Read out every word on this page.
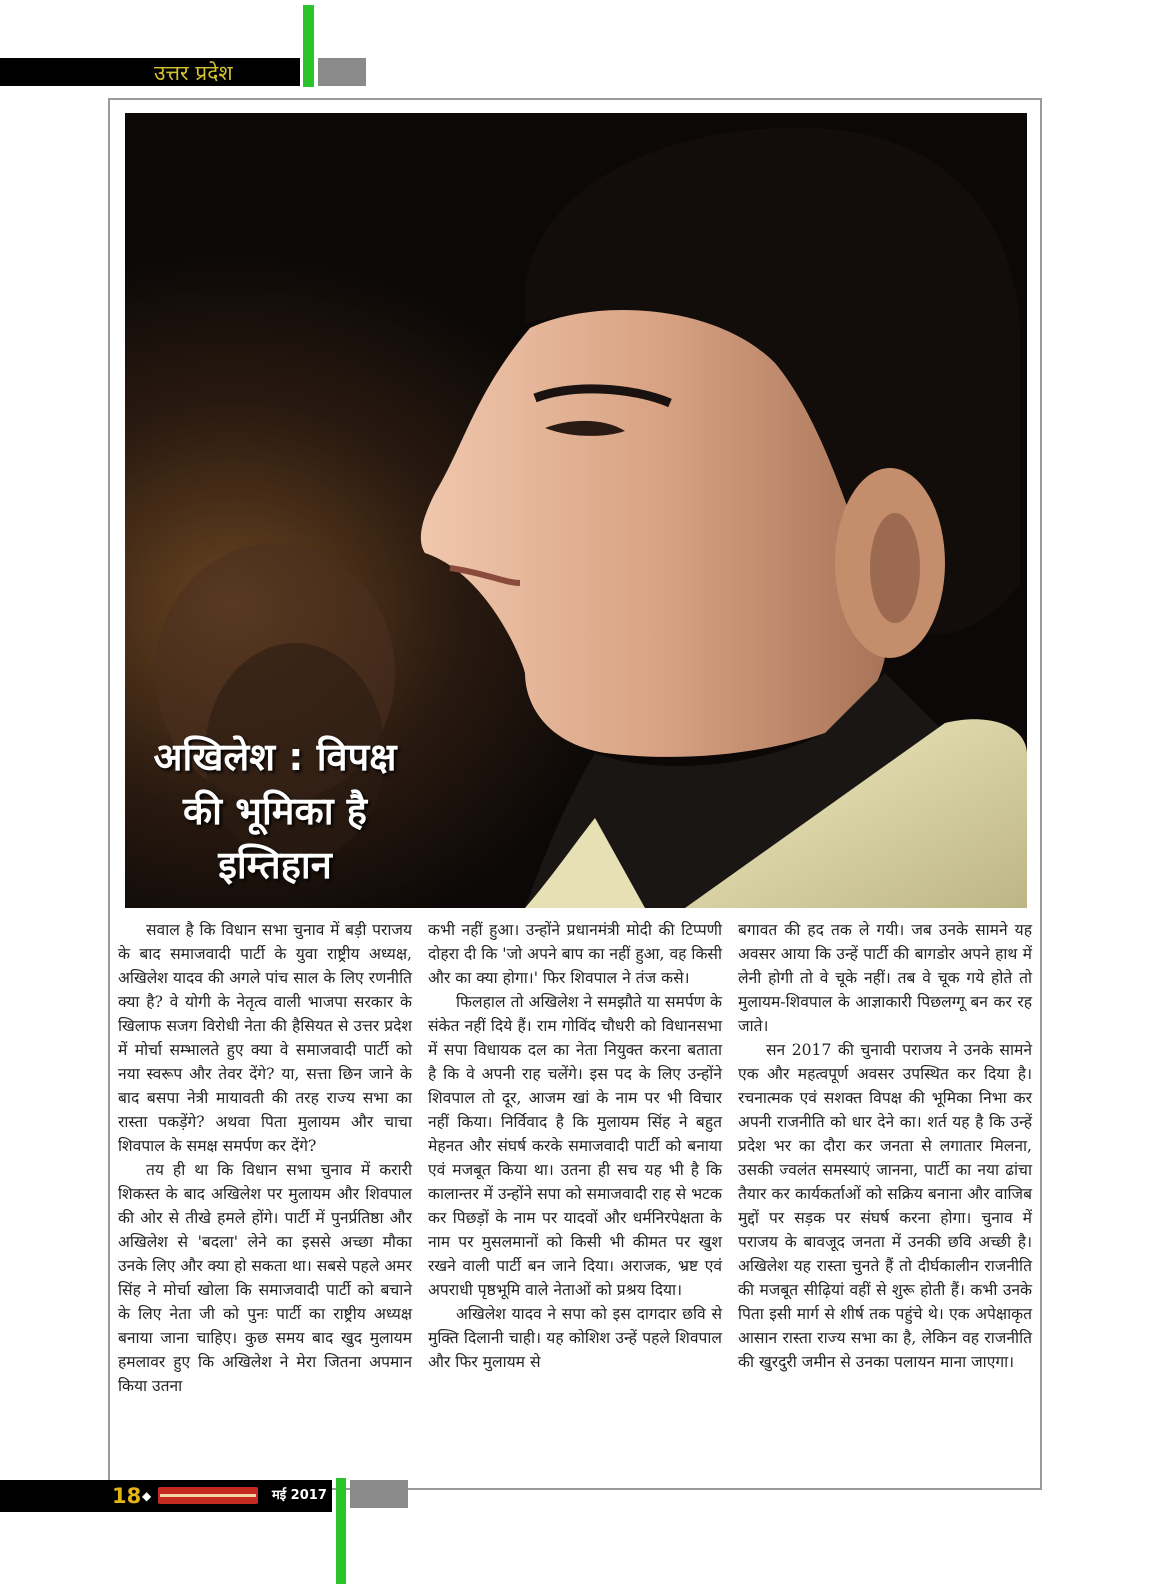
उत्तर प्रदेश
अखिलेश : विपक्ष
की भूमिका है
इम्तिहान

सवाल है कि विधान सभा चुनाव में बड़ी पराजय के बाद समाजवादी पार्टी के युवा राष्ट्रीय अध्यक्ष, अखिलेश यादव की अगले पांच साल के लिए रणनीति क्या है? वे योगी के नेतृत्व वाली भाजपा सरकार के खिलाफ सजग विरोधी नेता की हैसियत से उत्तर प्रदेश में मोर्चा सम्भालते हुए क्या वे समाजवादी पार्टी को नया स्वरूप और तेवर देंगे? या, सत्ता छिन जाने के बाद बसपा नेत्री मायावती की तरह राज्य सभा का रास्ता पकड़ेंगे? अथवा पिता मुलायम और चाचा शिवपाल के समक्ष समर्पण कर देंगे?

तय ही था कि विधान सभा चुनाव में करारी शिकस्त के बाद अखिलेश पर मुलायम और शिवपाल की ओर से तीखे हमले होंगे। पार्टी में पुनर्प्रतिष्ठा और अखिलेश से 'बदला' लेने का इससे अच्छा मौका उनके लिए और क्या हो सकता था। सबसे पहले अमर सिंह ने मोर्चा खोला कि समाजवादी पार्टी को बचाने के लिए नेता जी को पुनः पार्टी का राष्ट्रीय अध्यक्ष बनाया जाना चाहिए। कुछ समय बाद खुद मुलायम हमलावर हुए कि अखिलेश ने मेरा जितना अपमान किया उतना

कभी नहीं हुआ। उन्होंने प्रधानमंत्री मोदी की टिप्पणी दोहरा दी कि 'जो अपने बाप का नहीं हुआ, वह किसी और का क्या होगा।' फिर शिवपाल ने तंज कसे।

फिलहाल तो अखिलेश ने समझौते या समर्पण के संकेत नहीं दिये हैं। राम गोविंद चौधरी को विधानसभा में सपा विधायक दल का नेता नियुक्त करना बताता है कि वे अपनी राह चलेंगे। इस पद के लिए उन्होंने शिवपाल तो दूर, आजम खां के नाम पर भी विचार नहीं किया। निर्विवाद है कि मुलायम सिंह ने बहुत मेहनत और संघर्ष करके समाजवादी पार्टी को बनाया एवं मजबूत किया था। उतना ही सच यह भी है कि कालान्तर में उन्होंने सपा को समाजवादी राह से भटक कर पिछड़ों के नाम पर यादवों और धर्मनिरपेक्षता के नाम पर मुसलमानों को किसी भी कीमत पर खुश रखने वाली पार्टी बन जाने दिया। अराजक, भ्रष्ट एवं अपराधी पृष्ठभूमि वाले नेताओं को प्रश्रय दिया।

अखिलेश यादव ने सपा को इस दागदार छवि से मुक्ति दिलानी चाही। यह कोशिश उन्हें पहले शिवपाल और फिर मुलायम से

बगावत की हद तक ले गयी। जब उनके सामने यह अवसर आया कि उन्हें पार्टी की बागडोर अपने हाथ में लेनी होगी तो वे चूके नहीं। तब वे चूक गये होते तो मुलायम-शिवपाल के आज्ञाकारी पिछलग्गू बन कर रह जाते।

सन 2017 की चुनावी पराजय ने उनके सामने एक और महत्वपूर्ण अवसर उपस्थित कर दिया है। रचनात्मक एवं सशक्त विपक्ष की भूमिका निभा कर अपनी राजनीति को धार देने का। शर्त यह है कि उन्हें प्रदेश भर का दौरा कर जनता से लगातार मिलना, उसकी ज्वलंत समस्याएं जानना, पार्टी का नया ढांचा तैयार कर कार्यकर्ताओं को सक्रिय बनाना और वाजिब मुद्दों पर सड़क पर संघर्ष करना होगा। चुनाव में पराजय के बावजूद जनता में उनकी छवि अच्छी है। अखिलेश यह रास्ता चुनते हैं तो दीर्घकालीन राजनीति की मजबूत सीढ़ियां वहीं से शुरू होती हैं। कभी उनके पिता इसी मार्ग से शीर्ष तक पहुंचे थे। एक अपेक्षाकृत आसान रास्ता राज्य सभा का है, लेकिन वह राजनीति की खुरदुरी जमीन से उनका पलायन माना जाएगा।

18 ◆	मई 2017
